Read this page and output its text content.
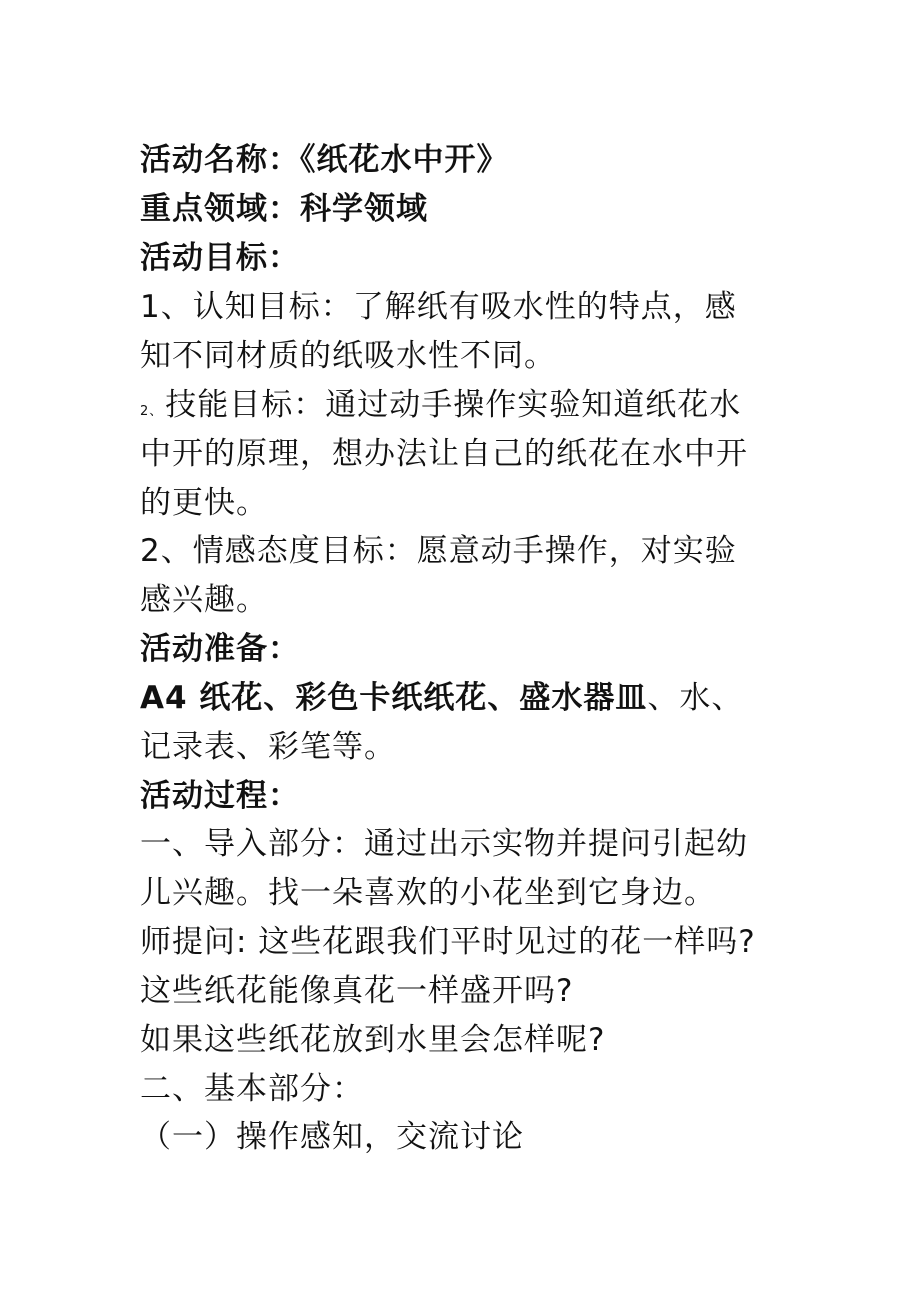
活动名称：《纸花水中开》
重点领域：科学领域
活动目标：
1、认知目标：了解纸有吸水性的特点，感
知不同材质的纸吸水性不同。
2、技能目标：通过动手操作实验知道纸花水
中开的原理，想办法让自己的纸花在水中开
的更快。
2、情感态度目标：愿意动手操作，对实验
感兴趣。
活动准备：
A4 纸花、彩色卡纸纸花、盛水器皿、水、
记录表、彩笔等。
活动过程：
一、导入部分：通过出示实物并提问引起幼
儿兴趣。找一朵喜欢的小花坐到它身边。
师提问: 这些花跟我们平时见过的花一样吗?
这些纸花能像真花一样盛开吗?
如果这些纸花放到水里会怎样呢?
二、基本部分：
（一）操作感知，交流讨论
